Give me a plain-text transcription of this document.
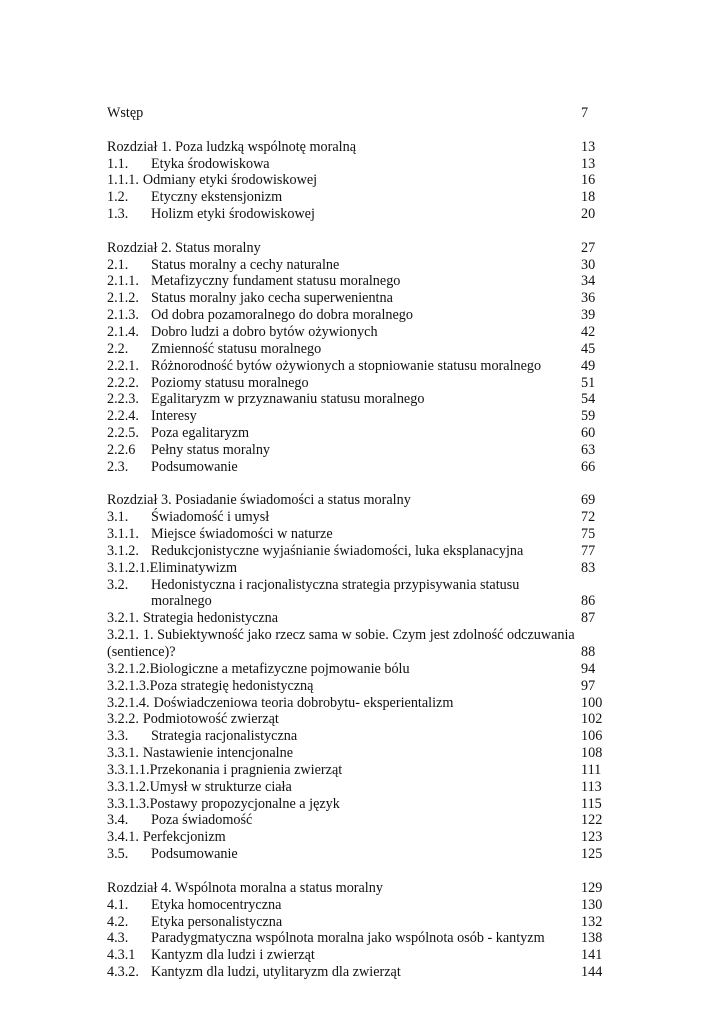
Wstęp	7
Rozdział 1. Poza ludzką wspólnotę moralną	13
1.1.	Etyka środowiskowa	13
1.1.1. Odmiany etyki środowiskowej	16
1.2.	Etyczny ekstensjonizm	18
1.3.	Holizm etyki środowiskowej	20
Rozdział 2. Status moralny	27
2.1.	Status moralny a cechy naturalne	30
2.1.1. Metafizyczny fundament statusu moralnego	34
2.1.2. Status moralny jako cecha superwenientna	36
2.1.3. Od dobra pozamoralnego do dobra moralnego	39
2.1.4. Dobro ludzi a dobro bytów ożywionych	42
2.2.	Zmienność statusu moralnego	45
2.2.1. Różnorodność bytów ożywionych a stopniowanie statusu moralnego	49
2.2.2. Poziomy statusu moralnego	51
2.2.3. Egalitaryzm w przyznawaniu statusu moralnego	54
2.2.4. Interesy	59
2.2.5. Poza egalitaryzm	60
2.2.6	Pełny status moralny	63
2.3.	Podsumowanie	66
Rozdział 3. Posiadanie świadomości a status moralny	69
3.1.	Świadomość i umysł	72
3.1.1. Miejsce świadomości w naturze	75
3.1.2. Redukcjonistyczne wyjaśnianie świadomości, luka eksplanacyjna	77
3.1.2.1.Eliminatywizm	83
3.2.	Hedonistyczna i racjonalistyczna strategia przypisywania statusu
moralnego	86
3.2.1. Strategia hedonistyczna	87
3.2.1. 1. Subiektywność jako rzecz sama w sobie. Czym jest zdolność odczuwania
(sentience)?	88
3.2.1.2.Biologiczne a metafizyczne pojmowanie bólu	94
3.2.1.3.Poza strategię hedonistyczną	97
3.2.1.4. Doświadczeniowa teoria dobrobytu- eksperientalizm	100
3.2.2. Podmiotowość zwierząt	102
3.3.	Strategia racjonalistyczna	106
3.3.1. Nastawienie intencjonalne	108
3.3.1.1.Przekonania i pragnienia zwierząt	111
3.3.1.2.Umysł w strukturze ciała	113
3.3.1.3.Postawy propozycjonalne a język	115
3.4.	Poza świadomość	122
3.4.1. Perfekcjonizm	123
3.5.	Podsumowanie	125
Rozdział 4. Wspólnota moralna a status moralny	129
4.1.	Etyka homocentryczna	130
4.2.	Etyka personalistyczna	132
4.3.	Paradygmatyczna wspólnota moralna jako wspólnota osób - kantyzm	138
4.3.1	Kantyzm dla ludzi i zwierząt	141
4.3.2. Kantyzm dla ludzi, utylitaryzm dla zwierząt	144
